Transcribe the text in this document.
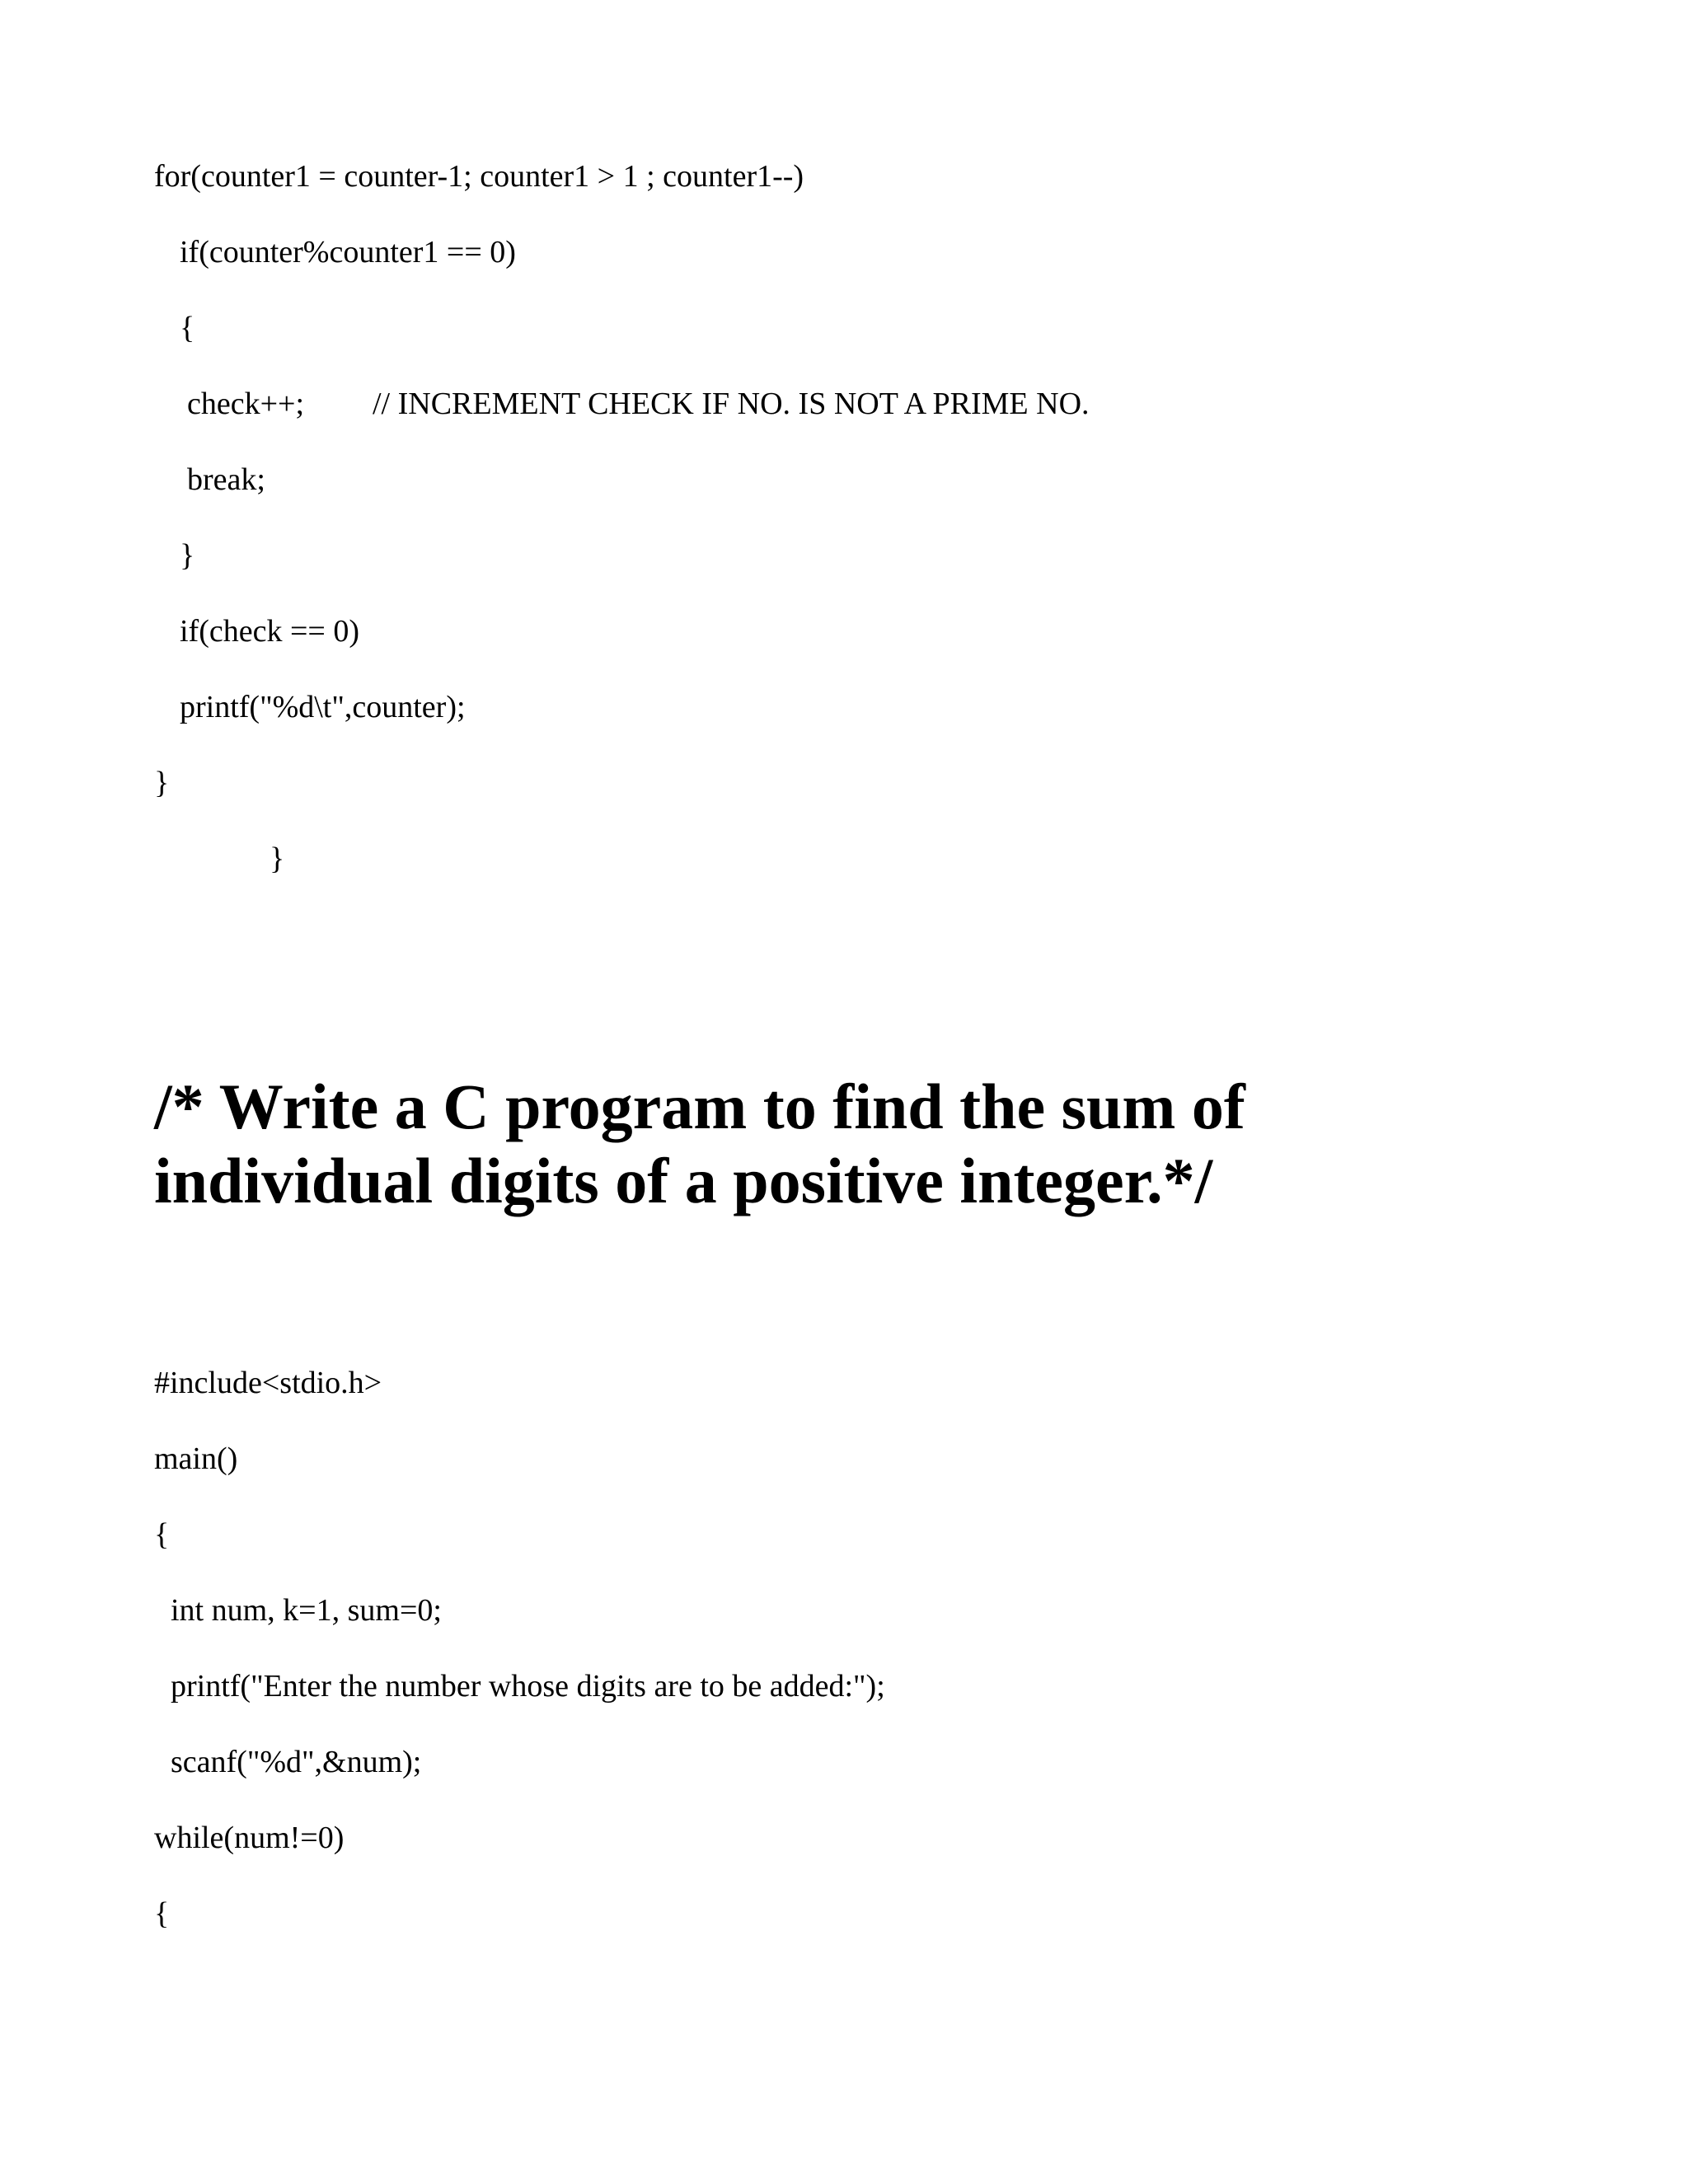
for(counter1 = counter-1; counter1 > 1 ; counter1--)

if(counter%counter1 == 0)

{

check++; // INCREMENT CHECK IF NO. IS NOT A PRIME NO.

break;

}

if(check == 0)

printf("%d\t",counter);

}

}

/* Write a C program to find the sum of
individual digits of a positive integer.*/

#include<stdio.h>

main()

{

int num, k=1, sum=0;

printf("Enter the number whose digits are to be added:");

scanf("%d",&num);

while(num!=0)

{
